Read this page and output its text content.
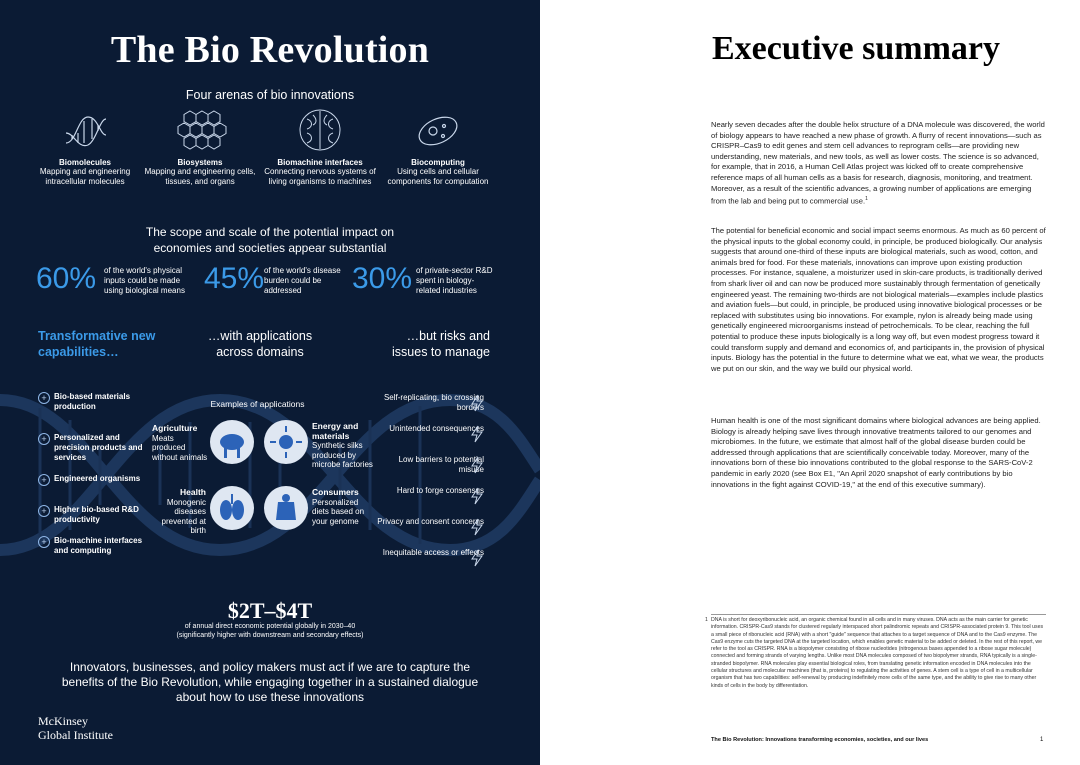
The Bio Revolution
Four arenas of bio innovations
Biomolecules
Mapping and engineering intracellular molecules
Biosystems
Mapping and engineering cells, tissues, and organs
Biomachine interfaces
Connecting nervous systems of living organisms to machines
Biocomputing
Using cells and cellular components for computation
The scope and scale of the potential impact on
economies and societies appear substantial
60% of the world's physical inputs could be made using biological means 45% of the world's disease burden could be addressed	30% of private-sector R&D spent in biology-related industries
Transformative new
capabilities…
…with applications
across domains
…but risks and
issues to manage
+ Bio-based materials production
+ Personalized and precision products and services
+ Engineered organisms
+ Higher bio-based R&D productivity
+ Bio-machine interfaces and computing
Examples of applications
Agriculture
Meats produced without animals
Energy and materials
Synthetic silks produced by microbe factories
Health
Monogenic diseases prevented at birth
Consumers
Personalized diets based on your genome
Self-replicating, bio crossing borders
Unintended consequences
Low barriers to potential misuse
Hard to forge consensus
Privacy and consent concerns
Inequitable access or effects
$2T–$4T
of annual direct economic potential globally in 2030–40
(significantly higher with downstream and secondary effects)
Innovators, businesses, and policy makers must act if we are to capture the benefits of the Bio Revolution, while engaging together in a sustained dialogue about how to use these innovations
McKinsey
Global Institute
Executive summary
Nearly seven decades after the double helix structure of a DNA molecule was discovered, the world of biology appears to have reached a new phase of growth. A flurry of recent innovations—such as CRISPR–Cas9 to edit genes and stem cell advances to reprogram cells—are providing new understanding, new materials, and new tools, as well as lower costs. The science is so advanced, for example, that in 2016, a Human Cell Atlas project was kicked off to create comprehensive reference maps of all human cells as a basis for research, diagnosis, monitoring, and treatment. Moreover, as a result of the scientific advances, a growing number of applications are emerging from the lab and being put to commercial use.$^1$
The potential for beneficial economic and social impact seems enormous. As much as 60 percent of the physical inputs to the global economy could, in principle, be produced biologically. Our analysis suggests that around one-third of these inputs are biological materials, such as wood, cotton, and animals bred for food. For these materials, innovations can improve upon existing production processes. For instance, squalene, a moisturizer used in skin-care products, is traditionally derived from shark liver oil and can now be produced more sustainably through fermentation of genetically engineered yeast. The remaining two-thirds are not biological materials—examples include plastics and aviation fuels—but could, in principle, be produced using innovative biological processes or be replaced with substitutes using bio innovations. For example, nylon is already being made using genetically engineered microorganisms instead of petrochemicals. To be clear, reaching the full potential to produce these inputs biologically is a long way off, but even modest progress toward it could transform supply and demand and economics of, and participants in, the provision of physical inputs. Biology has the potential in the future to determine what we eat, what we wear, the products we put on our skin, and the way we build our physical world.
Human health is one of the most significant domains where biological advances are being applied. Biology is already helping save lives through innovative treatments tailored to our genomes and microbiomes. In the future, we estimate that almost half of the global disease burden could be addressed through applications that are scientifically conceivable today. Moreover, many of the innovations born of these bio innovations contributed to the global response to the SARS-CoV-2 pandemic in early 2020 (see Box E1, "An April 2020 snapshot of early contributions by bio innovations in the fight against COVID-19," at the end of this executive summary).
1 DNA is short for deoxyribonucleic acid, an organic chemical found in all cells and in many viruses. DNA acts as the main carrier for genetic information. CRISPR-Cas9 stands for clustered regularly interspaced short palindromic repeats and CRISPR-associated protein 9. This tool uses a small piece of ribonucleic acid (RNA) with a short "guide" sequence that attaches to a target sequence of DNA and to the Cas9 enzyme. The Cas9 enzyme cuts the targeted DNA at the targeted location, which enables genetic material to be added or deleted. In the rest of this report, we refer to the tool as CRISPR. RNA is a biopolymer consisting of ribose nucleotides (nitrogenous bases appended to a ribose sugar molecule) connected and forming strands of varying lengths. Unlike most DNA molecules composed of two biopolymer strands, RNA typically is a single-stranded biopolymer. RNA molecules play essential biological roles, from translating genetic information encoded in DNA molecules into the cellular structures and molecular machines (that is, proteins) to regulating the activities of genes. A stem cell is a type of cell in a multicellular organism that has two capabilities: self-renewal by producing indefinitely more cells of the same type, and the ability to give rise to many other kinds of cells in the body by differentiation.
The Bio Revolution: Innovations transforming economies, societies, and our lives	1
